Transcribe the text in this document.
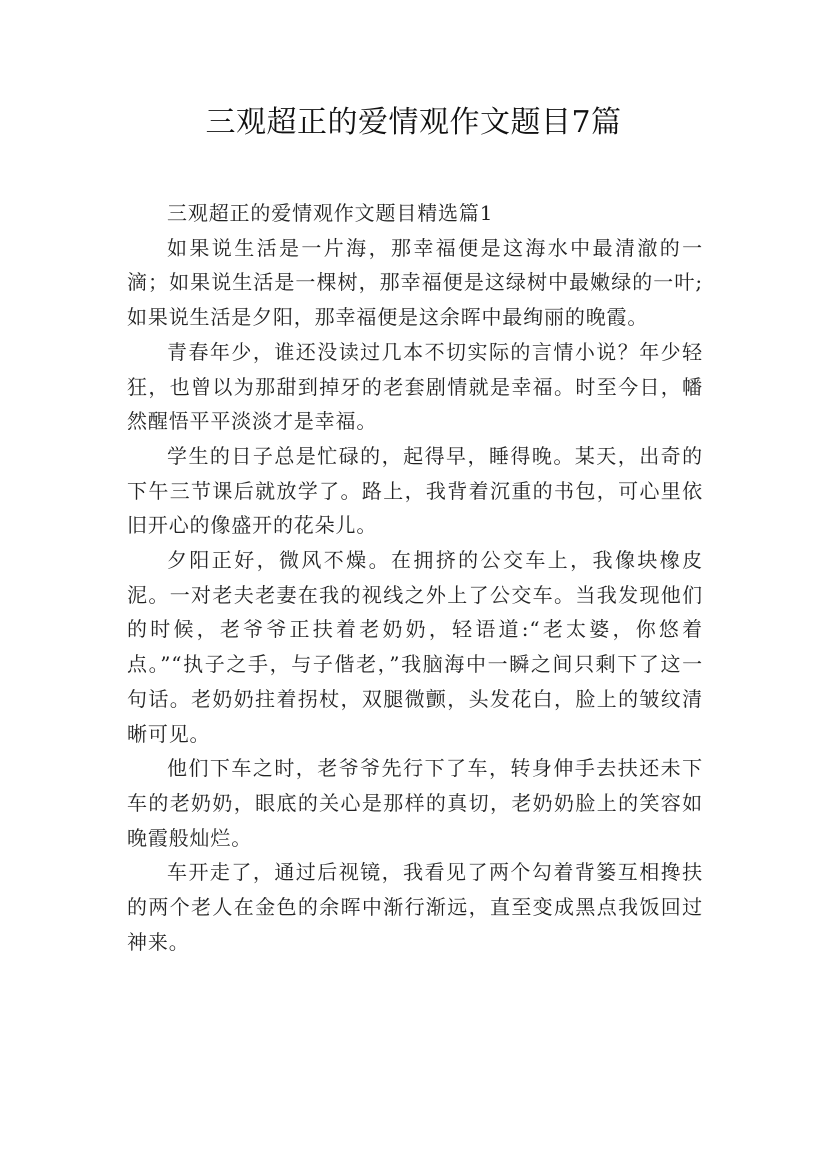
三观超正的爱情观作文题目7篇

三观超正的爱情观作文题目精选篇1

如果说生活是一片海，那幸福便是这海水中最清澈的一滴；如果说生活是一棵树，那幸福便是这绿树中最嫩绿的一叶;如果说生活是夕阳，那幸福便是这余晖中最绚丽的晚霞。

青春年少，谁还没读过几本不切实际的言情小说？年少轻狂，也曾以为那甜到掉牙的老套剧情就是幸福。时至今日，幡然醒悟平平淡淡才是幸福。

学生的日子总是忙碌的，起得早，睡得晚。某天，出奇的下午三节课后就放学了。路上，我背着沉重的书包，可心里依旧开心的像盛开的花朵儿。

夕阳正好，微风不燥。在拥挤的公交车上，我像块橡皮泥。一对老夫老妻在我的视线之外上了公交车。当我发现他们的时候，老爷爷正扶着老奶奶，轻语道:“老太婆，你悠着点。”“执子之手，与子偕老，”我脑海中一瞬之间只剩下了这一句话。老奶奶拄着拐杖，双腿微颤，头发花白，脸上的皱纹清晰可见。

他们下车之时，老爷爷先行下了车，转身伸手去扶还未下车的老奶奶，眼底的关心是那样的真切，老奶奶脸上的笑容如晚霞般灿烂。

车开走了，通过后视镜，我看见了两个勾着背篓互相搀扶的两个老人在金色的余晖中渐行渐远，直至变成黑点我饭回过神来。
